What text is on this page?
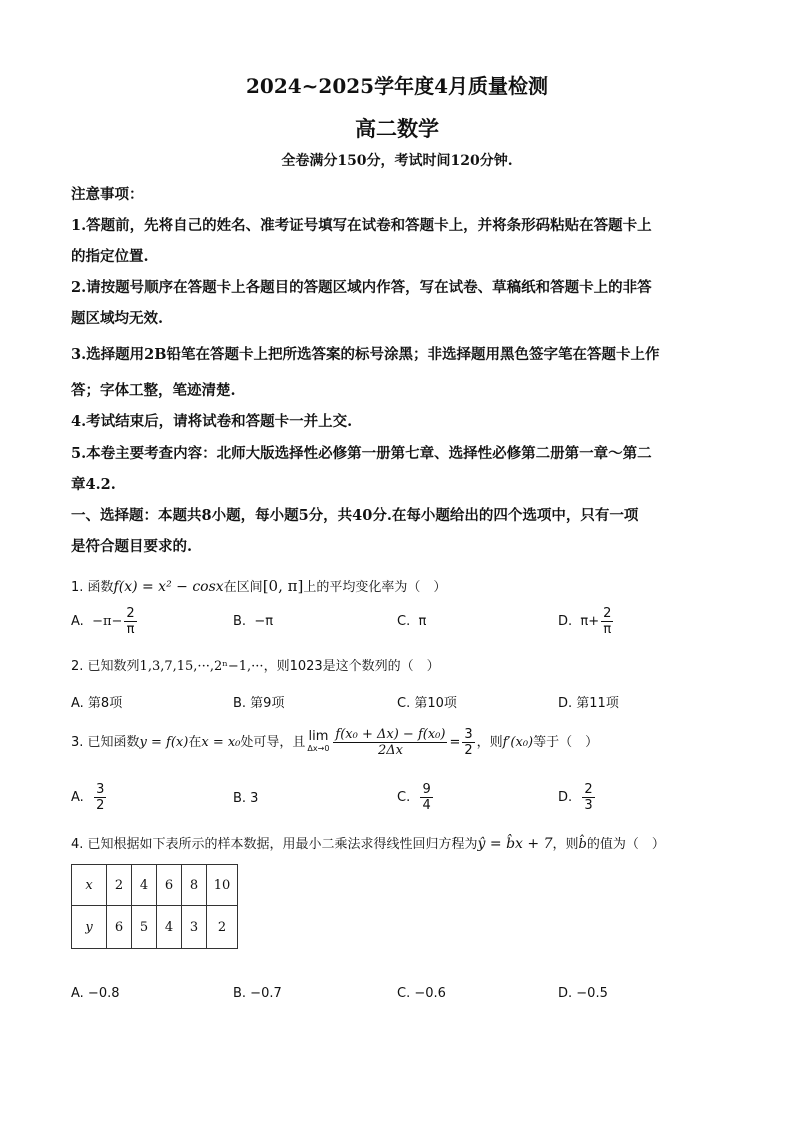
2024~2025学年度4月质量检测
高二数学
全卷满分150分，考试时间120分钟.
注意事项：
1.答题前，先将自己的姓名、准考证号填写在试卷和答题卡上，并将条形码粘贴在答题卡上
的指定位置.
2.请按题号顺序在答题卡上各题目的答题区域内作答，写在试卷、草稿纸和答题卡上的非答
题区域均无效.
3.选择题用2B铅笔在答题卡上把所选答案的标号涂黑；非选择题用黑色签字笔在答题卡上作
答；字体工整，笔迹清楚.
4.考试结束后，请将试卷和答题卡一并上交.
5.本卷主要考查内容：北师大版选择性必修第一册第七章、选择性必修第二册第一章～第二
章4.2.
一、选择题：本题共8小题，每小题5分，共40分.在每小题给出的四个选项中，只有一项
是符合题目要求的.
1. 函数f(x) = x² − cosx在区间[0, π]上的平均变化率为（　）
A. $-\pi- \frac{2}{\pi}$	B. −π	C. π	D. $\pi+ \frac{2}{\pi}$
2. 已知数列1,3,7,15,···,2ⁿ−1,···，则1023是这个数列的（　）
A. 第8项	B. 第9项	C. 第10项	D. 第11项
3. 已知函数y = f(x)在x = x₀处可导，且 lim
$\Delta x\to 0 \frac{\text{f(x₀ + Δx) − f(x₀)}}{2\Delta x} = \frac{3}{2}$ ，则f′(x₀)等于（　）
A. $\frac{3}{2}$	B. 3	C. $\frac{9}{4}$	D. $\frac{2}{3}$
4. 已知根据如下表所示的样本数据，用最小二乘法求得线性回归方程为ŷ = b̂x + 7，则b̂的值为（　）
x	2	4	6	8	10
y	6	5	4	3	2
A. −0.8	B. −0.7	C. −0.6	D. −0.5
